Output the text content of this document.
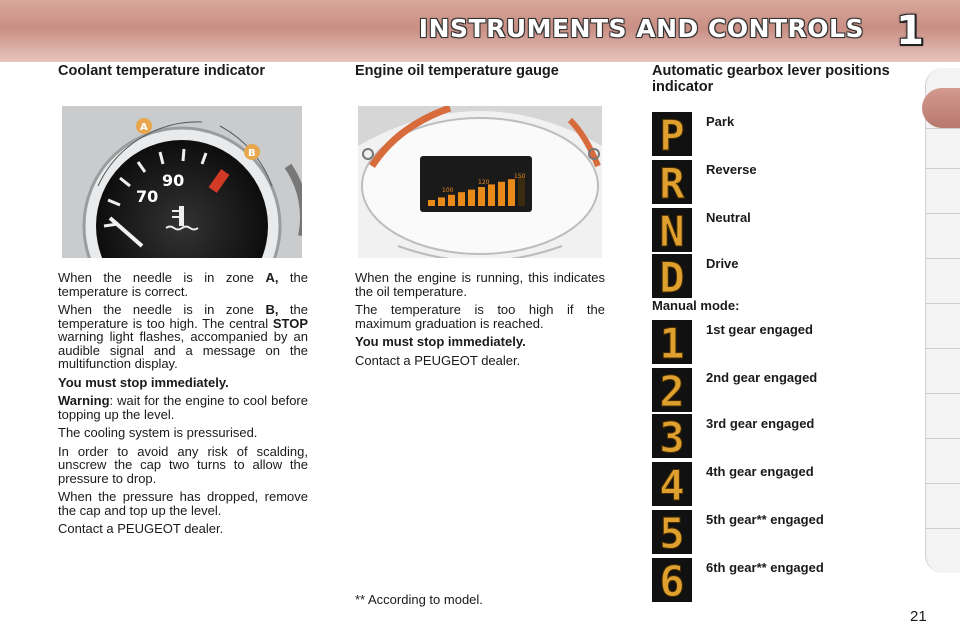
INSTRUMENTS AND CONTROLS 1
Coolant temperature indicator
70
90
A
B

When the needle is in zone A, the temperature is correct.

When the needle is in zone B, the temperature is too high. The central STOP warning light flashes, accompanied by an audible signal and a message on the multifunction display.

You must stop immediately.

Warning: wait for the engine to cool before topping up the level.

The cooling system is pressurised.

In order to avoid any risk of scalding, unscrew the cap two turns to allow the pressure to drop.

When the pressure has dropped, remove the cap and top up the level.

Contact a PEUGEOT dealer.

Engine oil temperature gauge
100
120
150

When the engine is running, this indicates the oil temperature.

The temperature is too high if the maximum graduation is reached.

You must stop immediately.

Contact a PEUGEOT dealer.

Automatic gearbox lever positions indicator
P Park
R Reverse
N Neutral
D Drive
Manual mode:
1 1st gear engaged
2 2nd gear engaged
3 3rd gear engaged
4 4th gear engaged
5 5th gear** engaged
6 6th gear** engaged
** According to model.
21
